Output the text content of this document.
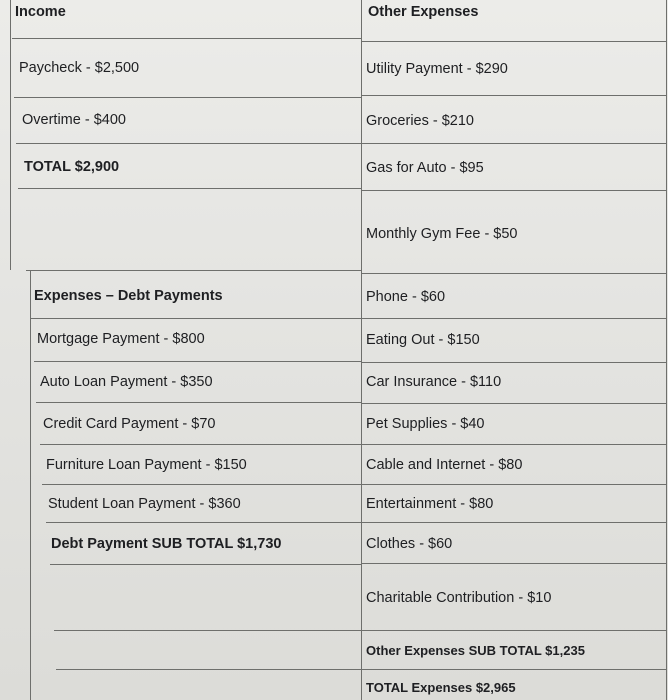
Income
Paycheck - $2,500
Overtime - $400
TOTAL $2,900
Expenses – Debt Payments
Mortgage Payment - $800
Auto Loan Payment - $350
Credit Card Payment - $70
Furniture Loan Payment - $150
Student Loan Payment - $360
Debt Payment SUB TOTAL $1,730
Other Expenses
Utility Payment - $290
Groceries - $210
Gas for Auto - $95
Monthly Gym Fee - $50
Phone - $60
Eating Out - $150
Car Insurance - $110
Pet Supplies - $40
Cable and Internet - $80
Entertainment - $80
Clothes - $60
Charitable Contribution - $10
Other Expenses SUB TOTAL $1,235
TOTAL Expenses $2,965
